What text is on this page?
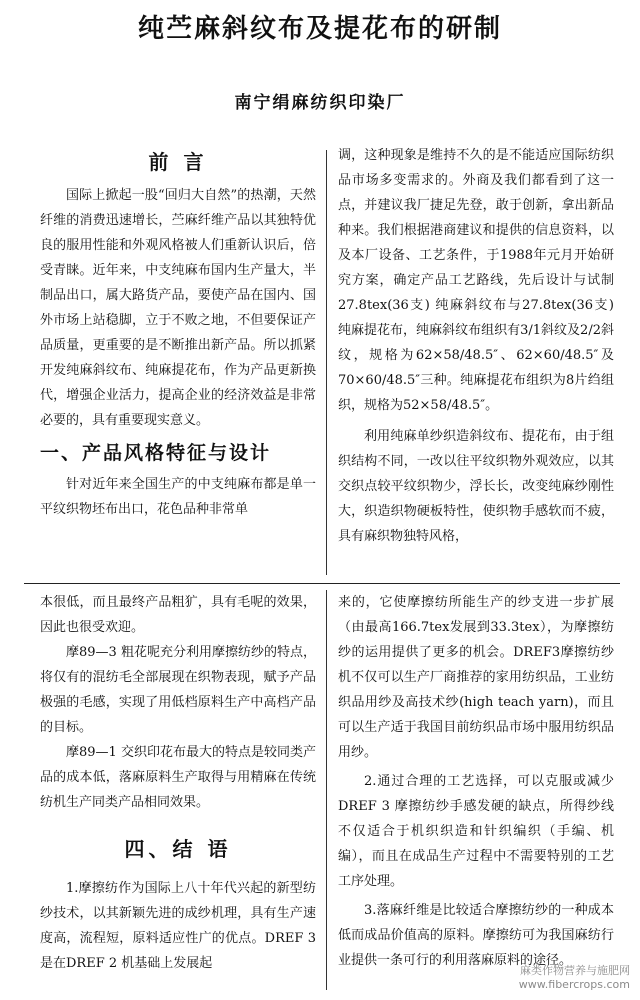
纯苎麻斜纹布及提花布的研制
南宁绢麻纺织印染厂

前 言

国际上掀起一股“回归大自然”的热潮，天然纤维的消费迅速增长，苎麻纤维产品以其独特优良的服用性能和外观风格被人们重新认识后，倍受青睐。近年来，中支纯麻布国内生产量大，半制品出口，属大路货产品，要使产品在国内、国外市场上站稳脚，立于不败之地，不但要保证产品质量，更重要的是不断推出新产品。所以抓紧开发纯麻斜纹布、纯麻提花布，作为产品更新换代，增强企业活力，提高企业的经济效益是非常必要的，具有重要现实意义。

一、产品风格特征与设计

针对近年来全国生产的中支纯麻布都是单一平纹织物坯布出口，花色品种非常单

调，这种现象是维持不久的是不能适应国际纺织品市场多变需求的。外商及我们都看到了这一点，并建议我厂捷足先登，敢于创新，拿出新品种来。我们根据港商建议和提供的信息资料，以及本厂设备、工艺条件，于1988年元月开始研究方案，确定产品工艺路线，先后设计与试制27.8tex(36支) 纯麻斜纹布与27.8tex(36支) 纯麻提花布，纯麻斜纹布组织有3/1斜纹及2/2斜纹，规格为62×58/48.5″、62×60/48.5″及70×60/48.5″三种。纯麻提花布组织为8片绉组织，规格为52×58/48.5″。

利用纯麻单纱织造斜纹布、提花布，由于组织结构不同，一改以往平纹织物外观效应，以其交织点较平纹织物少，浮长长，改变纯麻纱刚性大，织造织物硬板特性，使织物手感软而不疲，具有麻织物独特风格，

本很低，而且最终产品粗犷，具有毛呢的效果，因此也很受欢迎。

摩89—3 粗花呢充分利用摩擦纺纱的特点，将仅有的混纺毛全部展现在织物表现，赋予产品极强的毛感，实现了用低档原料生产中高档产品的目标。

摩89—1 交织印花布最大的特点是较同类产品的成本低，落麻原料生产取得与用精麻在传统纺机生产同类产品相同效果。

四、结 语

1.摩擦纺作为国际上八十年代兴起的新型纺纱技术，以其新颖先进的成纱机理，具有生产速度高，流程短，原料适应性广的优点。DREF 3 是在DREF 2 机基础上发展起

来的，它使摩擦纺所能生产的纱支进一步扩展（由最高166.7tex发展到33.3tex），为摩擦纺纱的运用提供了更多的机会。DREF3摩擦纺纱机不仅可以生产厂商推荐的家用纺织品，工业纺织品用纱及高技术纱(high teach yarn)，而且可以生产适于我国目前纺织品市场中服用纺织品用纱。

2.通过合理的工艺选择，可以克服或减少DREF 3 摩擦纺纱手感发硬的缺点，所得纱线不仅适合于机织织造和针织编织（手编、机编），而且在成品生产过程中不需要特别的工艺工序处理。

3.落麻纤维是比较适合摩擦纺纱的一种成本低而成品价值高的原料。摩擦纺可为我国麻纺行业提供一条可行的利用落麻原料的途径。

麻类作物营养与施肥网
www.fibercrops.com
